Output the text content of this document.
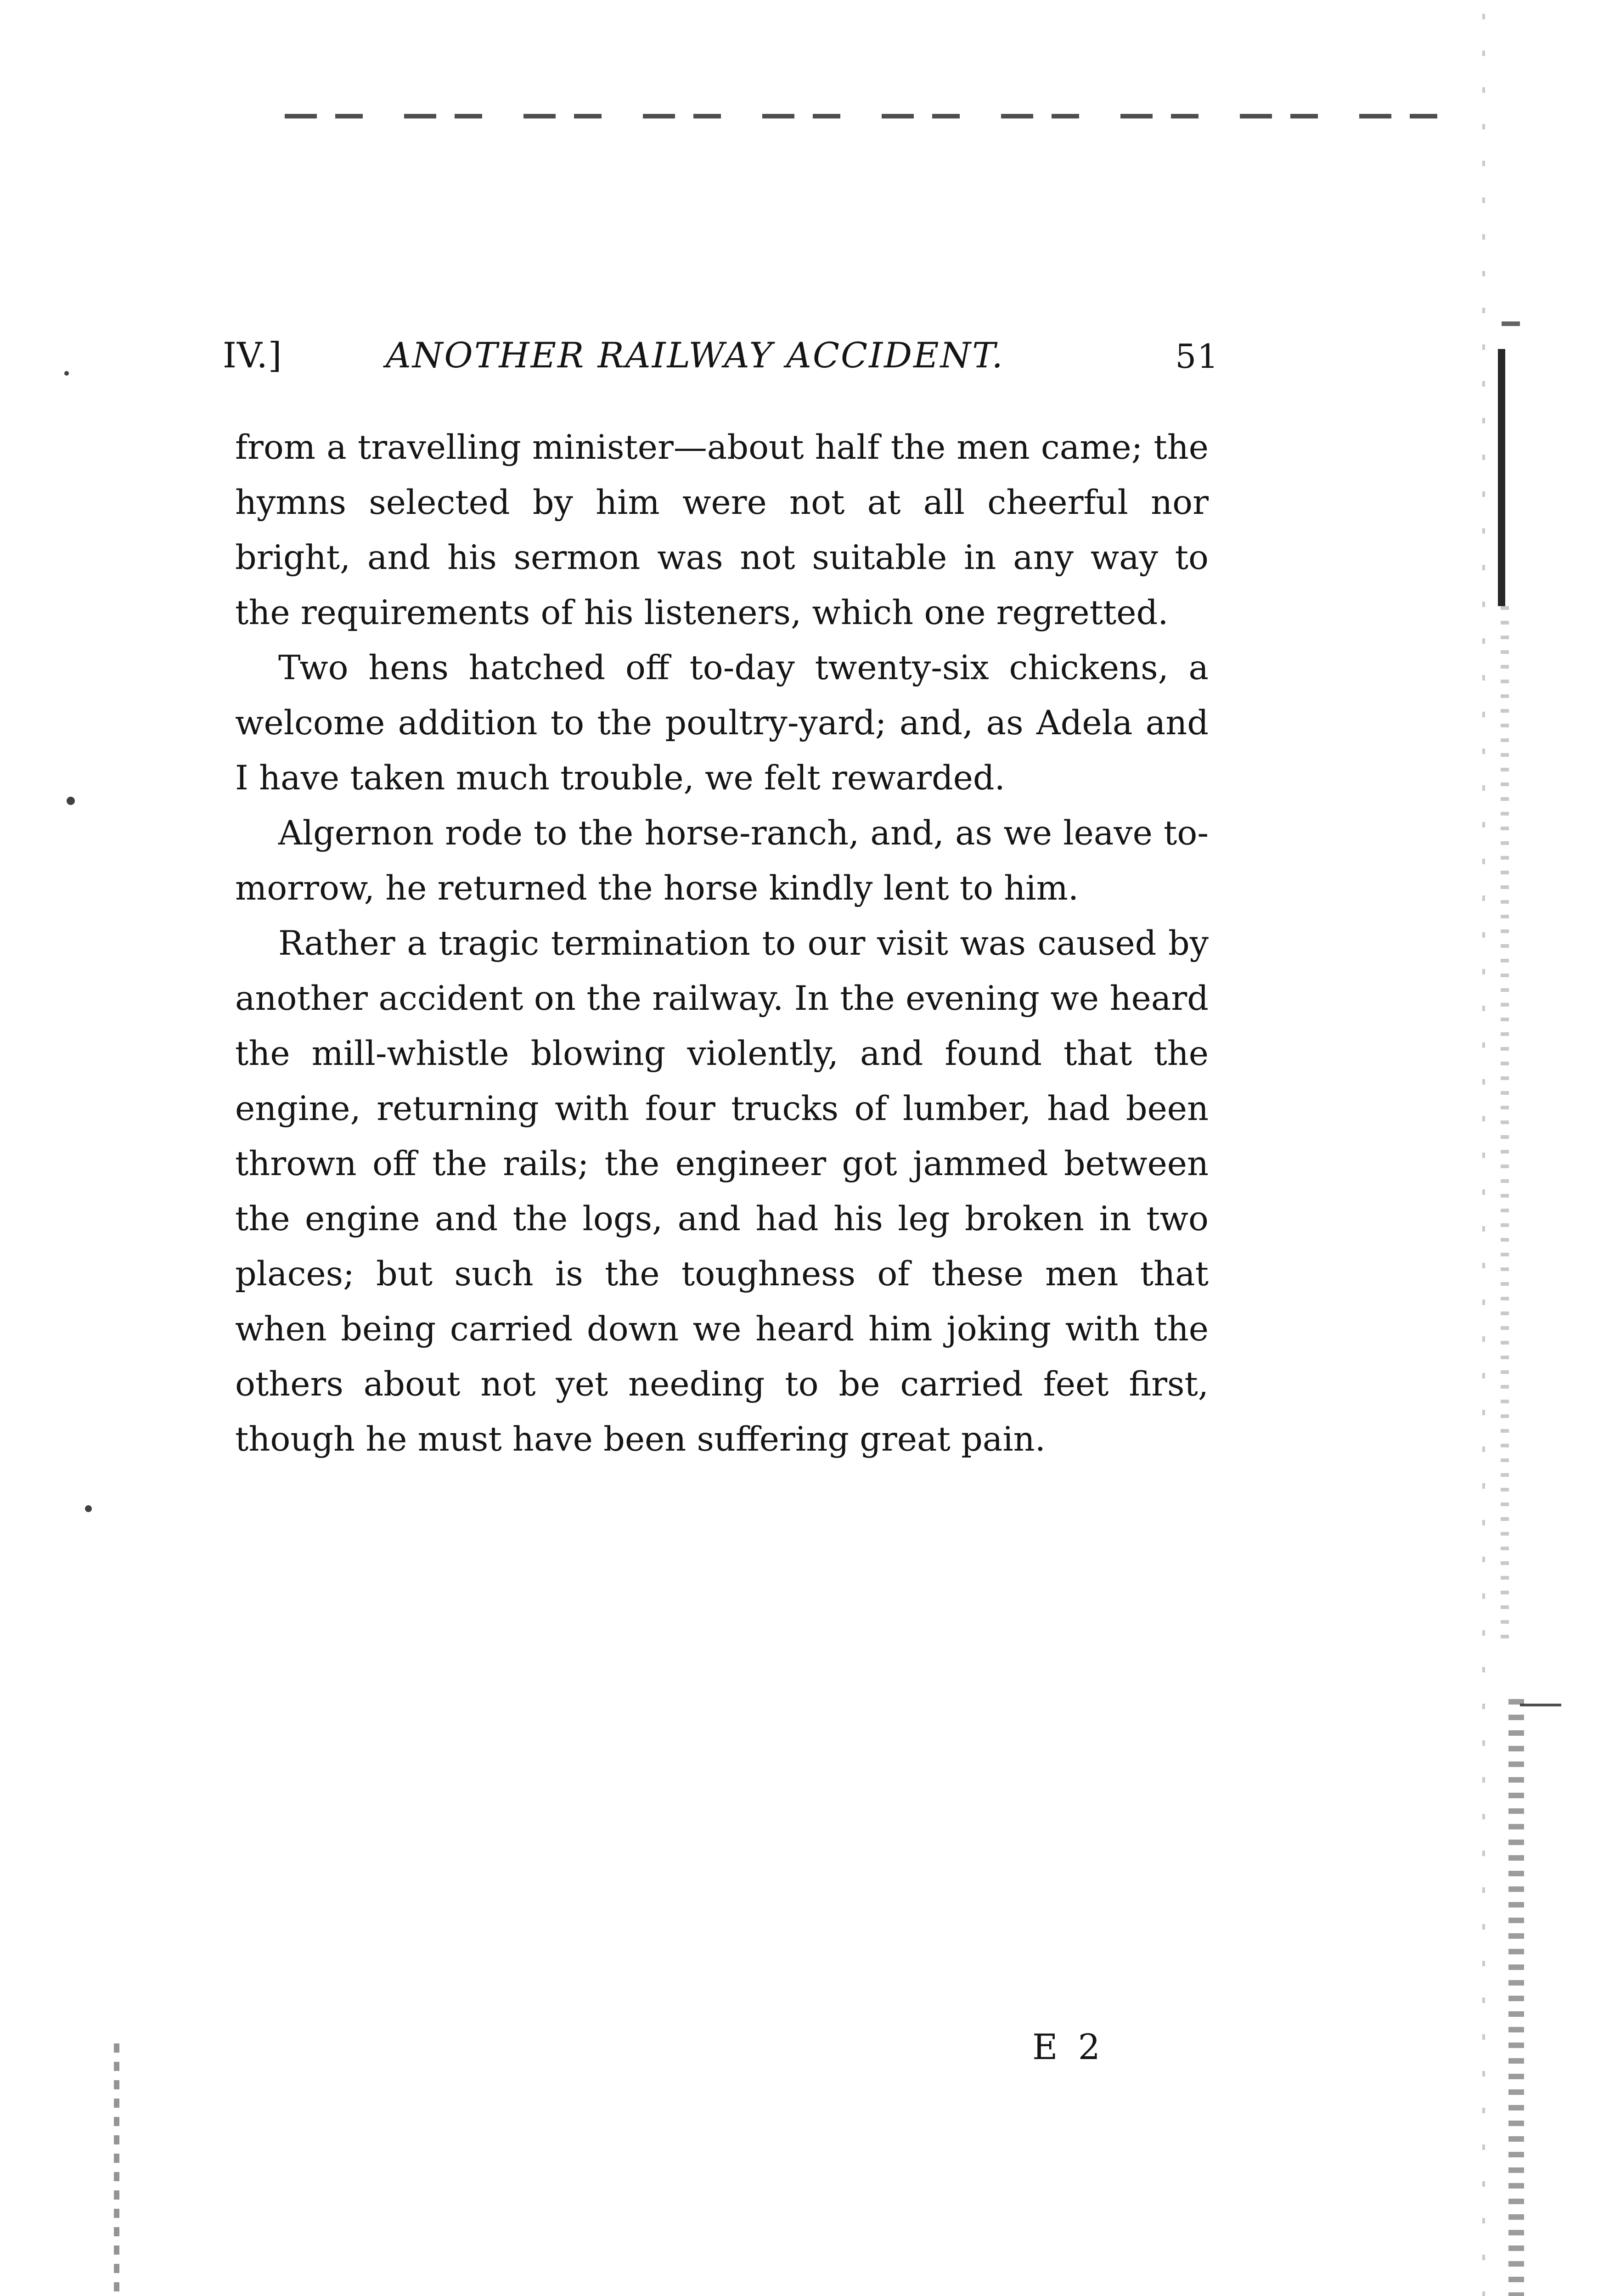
IV.]	ANOTHER RAILWAY ACCIDENT.	51

from a travelling minister—about half the men came; the hymns selected by him were not at all cheerful nor bright, and his sermon was not suitable in any way to the requirements of his listeners, which one regretted.

Two hens hatched off to-day twenty-six chickens, a welcome addition to the poultry-yard; and, as Adela and I have taken much trouble, we felt rewarded.

Algernon rode to the horse-ranch, and, as we leave to-morrow, he returned the horse kindly lent to him.

Rather a tragic termination to our visit was caused by another accident on the railway. In the evening we heard the mill-whistle blowing violently, and found that the engine, returning with four trucks of lumber, had been thrown off the rails; the engineer got jammed between the engine and the logs, and had his leg broken in two places; but such is the toughness of these men that when being carried down we heard him joking with the others about not yet needing to be carried feet first, though he must have been suffering great pain.

E 2
